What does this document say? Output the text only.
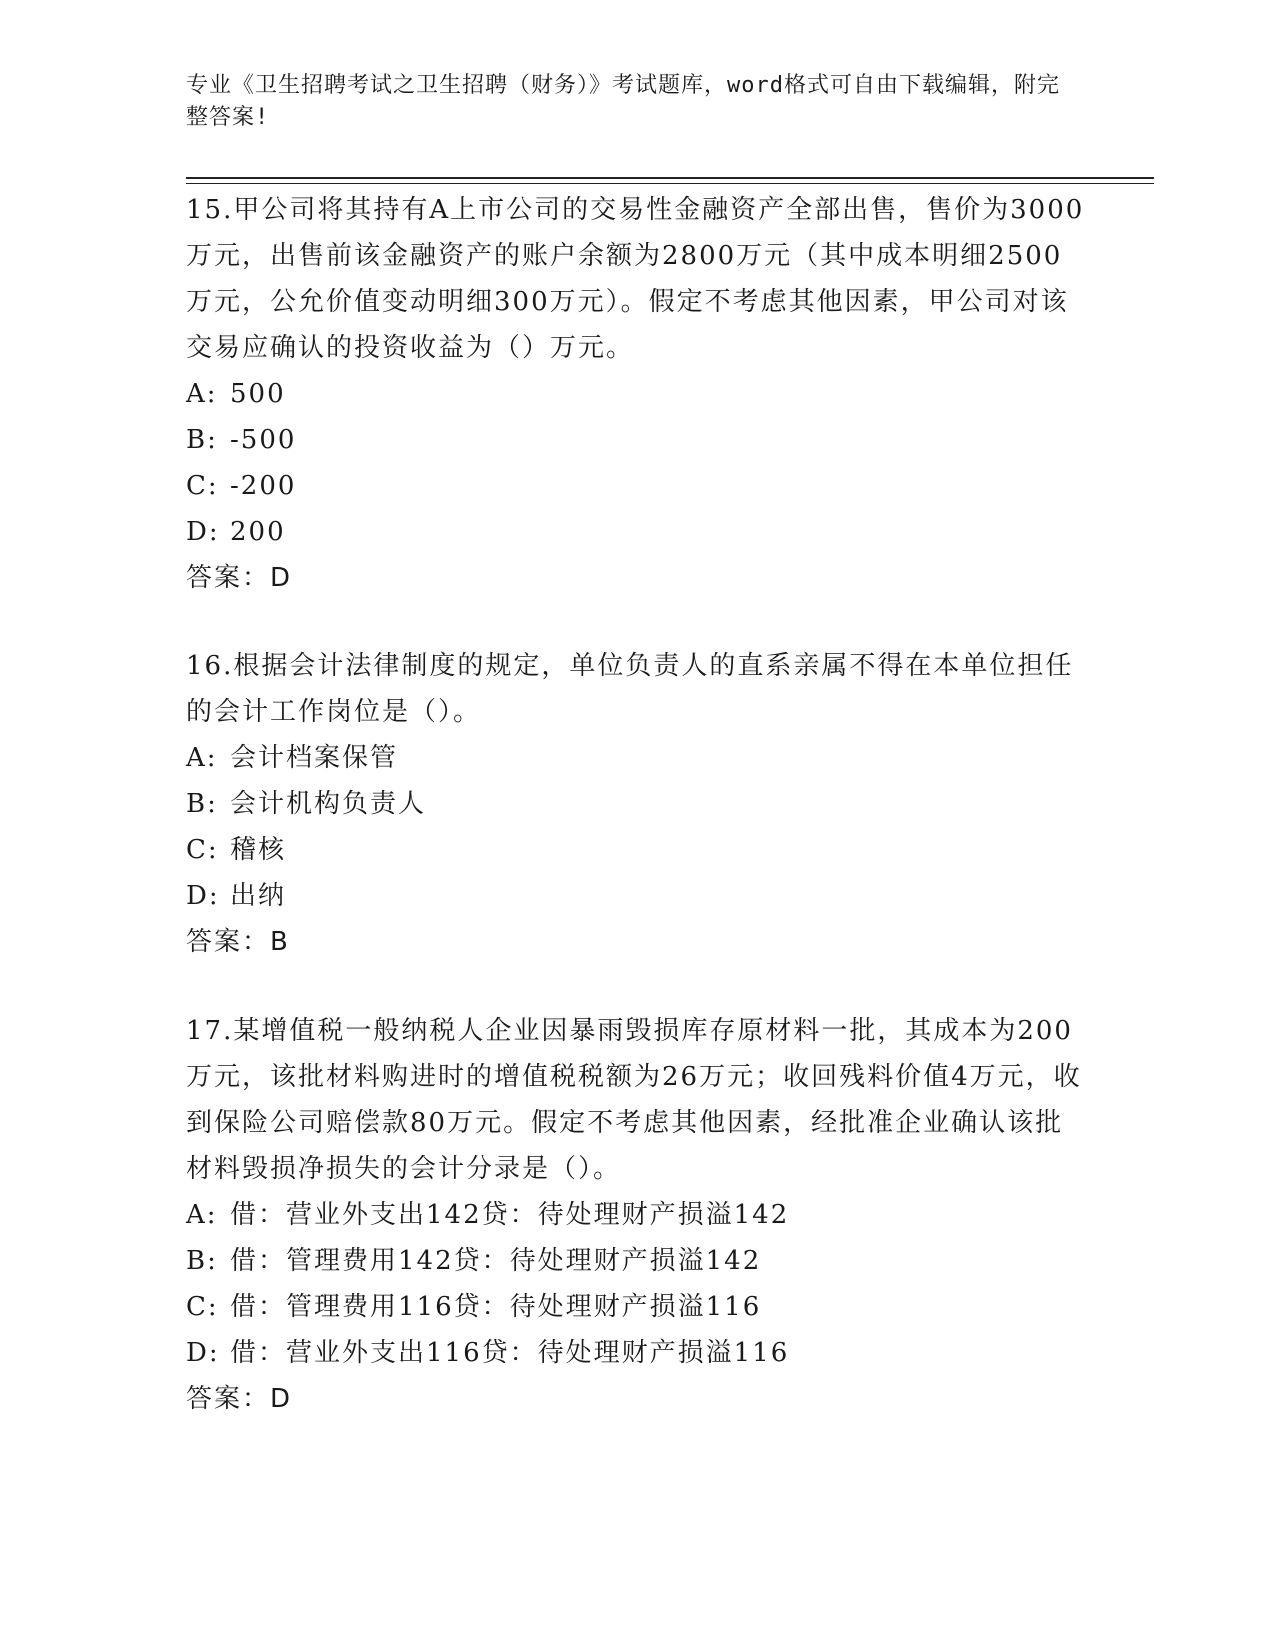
专业《卫生招聘考试之卫生招聘（财务）》考试题库，word格式可自由下载编辑，附完整答案!

15.甲公司将其持有A上市公司的交易性金融资产全部出售，售价为3000万元，出售前该金融资产的账户余额为2800万元（其中成本明细2500万元，公允价值变动明细300万元）。假定不考虑其他因素，甲公司对该交易应确认的投资收益为（）万元。

A: 500
B: -500
C: -200
D: 200
答案：D

16.根据会计法律制度的规定，单位负责人的直系亲属不得在本单位担任的会计工作岗位是（）。

A: 会计档案保管
B: 会计机构负责人
C: 稽核
D: 出纳
答案：B

17.某增值税一般纳税人企业因暴雨毁损库存原材料一批，其成本为200万元，该批材料购进时的增值税税额为26万元；收回残料价值4万元，收到保险公司赔偿款80万元。假定不考虑其他因素，经批准企业确认该批材料毁损净损失的会计分录是（）。

A: 借：营业外支出142贷：待处理财产损溢142
B: 借：管理费用142贷：待处理财产损溢142
C: 借：管理费用116贷：待处理财产损溢116
D: 借：营业外支出116贷：待处理财产损溢116
答案：D
